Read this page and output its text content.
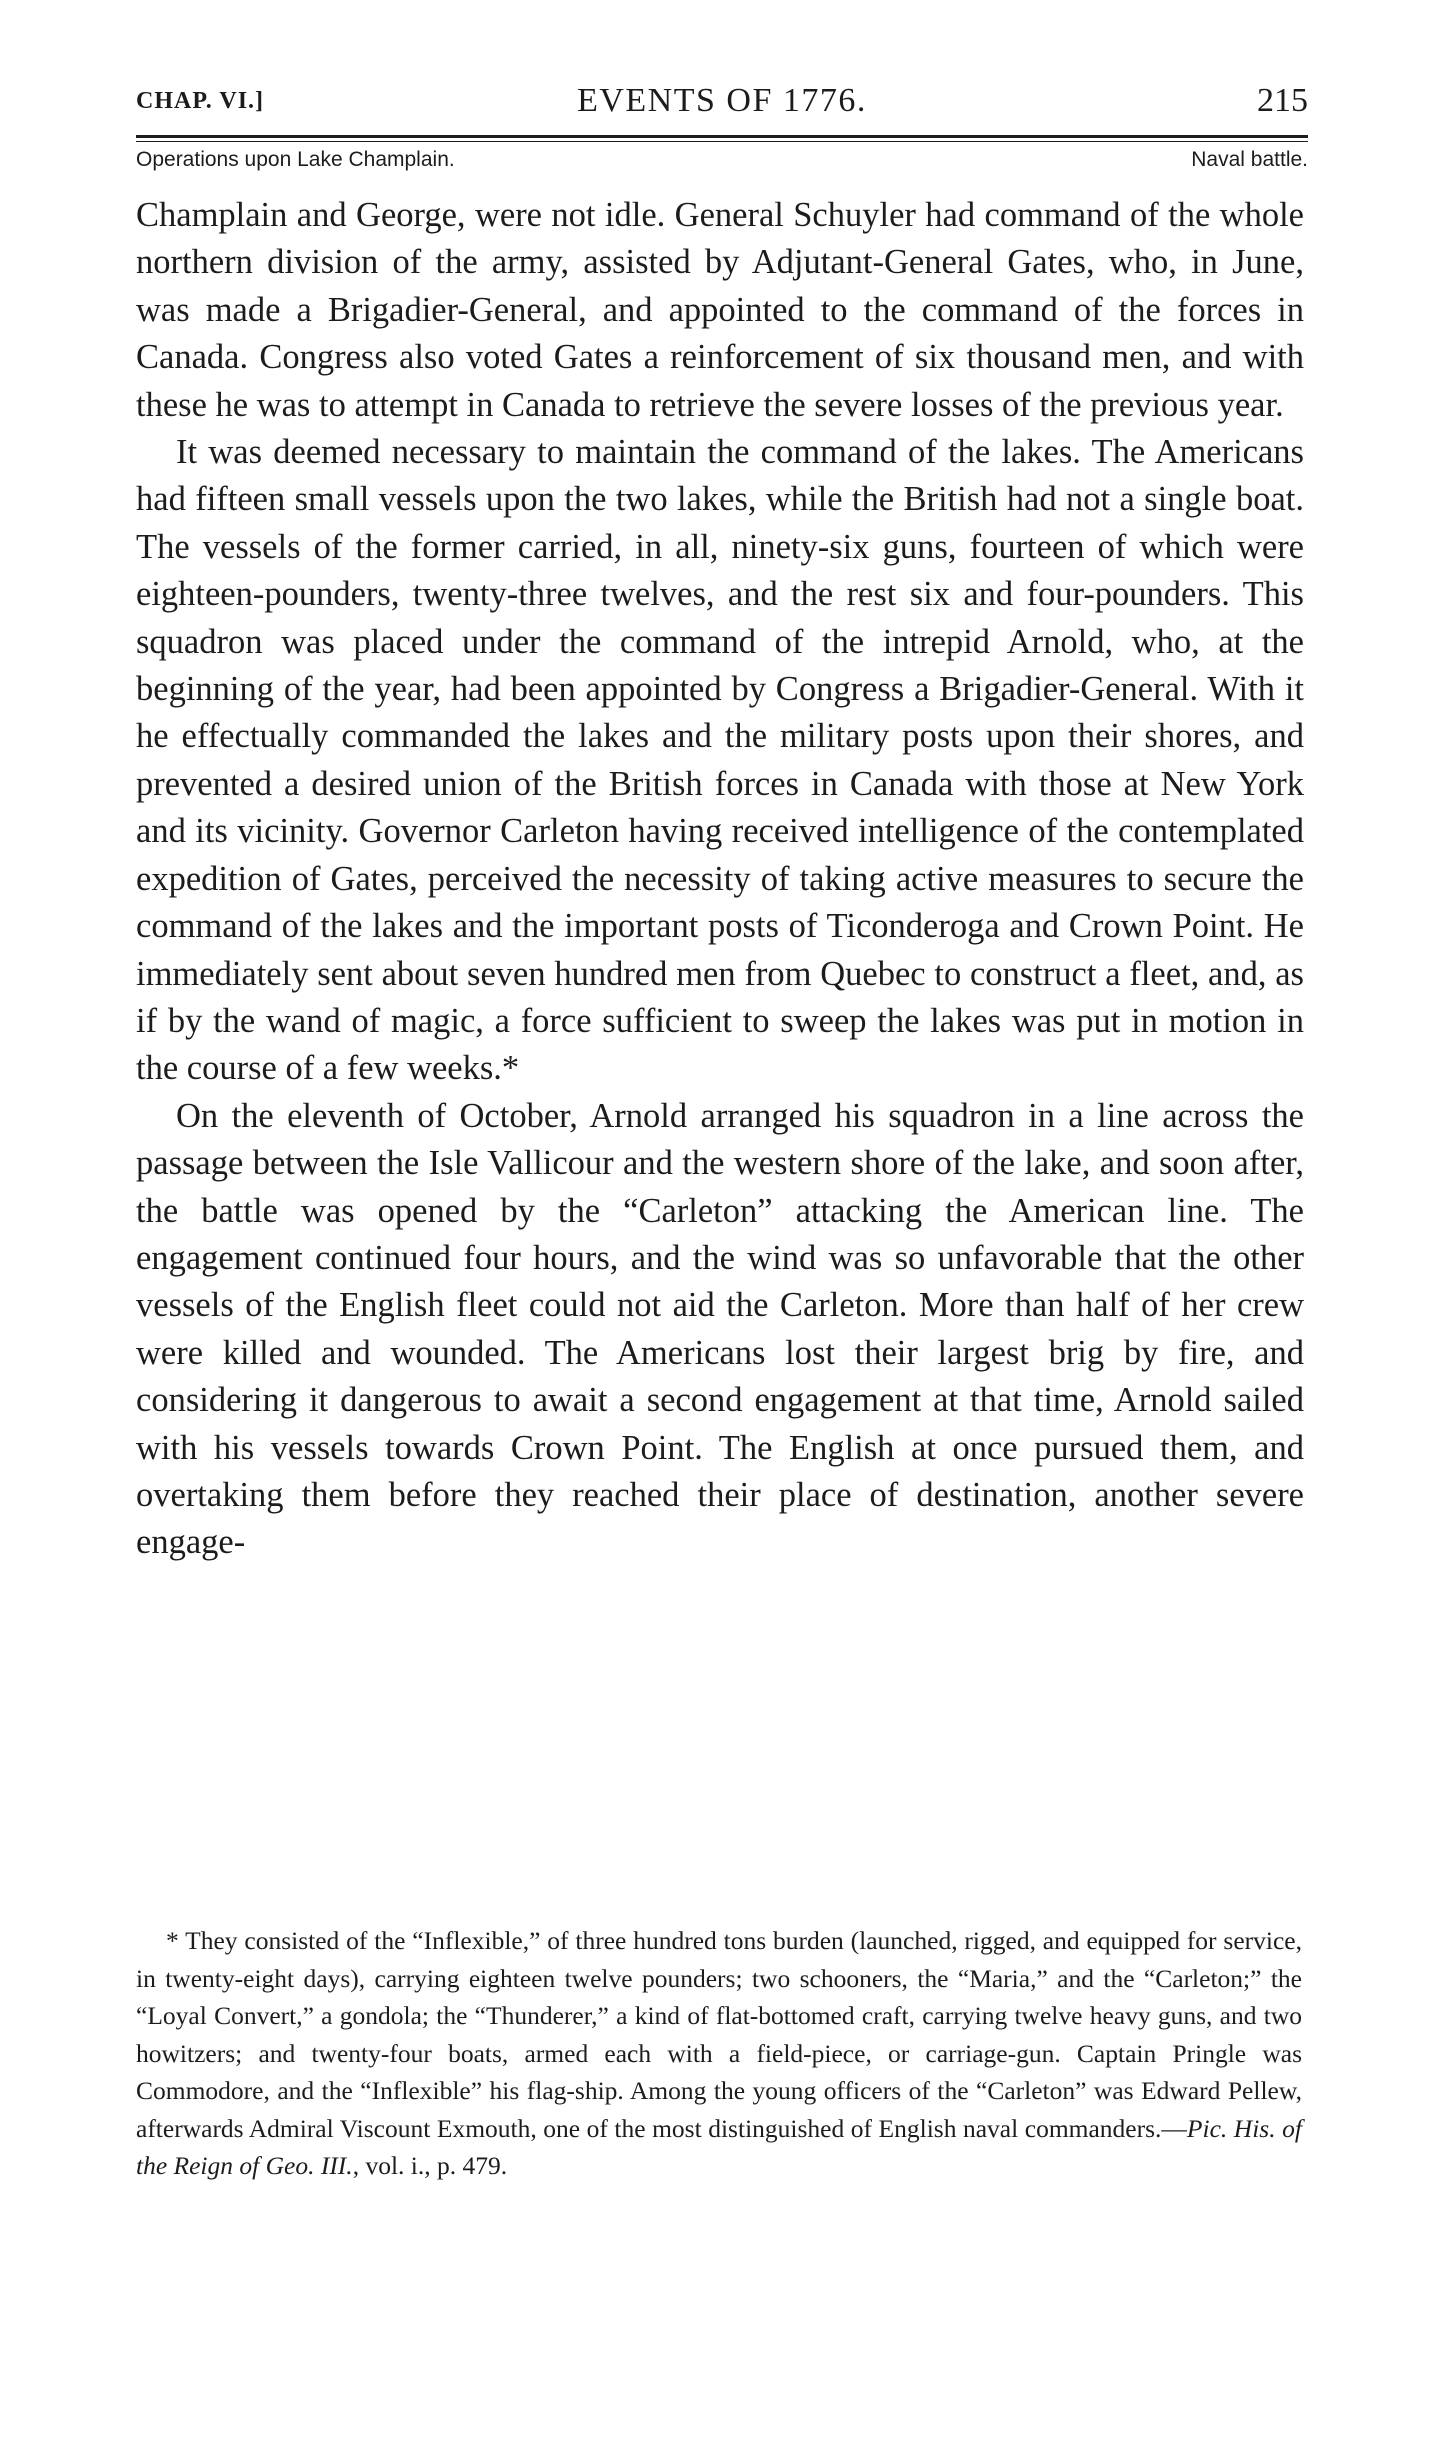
CHAP. VI.]	EVENTS OF 1776.	215
Operations upon Lake Champlain.	Naval battle.

Champlain and George, were not idle. General Schuyler had command of the whole northern division of the army, assisted by Adjutant-General Gates, who, in June, was made a Brigadier-General, and appointed to the command of the forces in Canada. Congress also voted Gates a reinforcement of six thousand men, and with these he was to attempt in Canada to retrieve the severe losses of the previous year.

It was deemed necessary to maintain the command of the lakes. The Americans had fifteen small vessels upon the two lakes, while the British had not a single boat. The vessels of the former carried, in all, ninety-six guns, fourteen of which were eighteen-pounders, twenty-three twelves, and the rest six and four-pounders. This squadron was placed under the command of the intrepid Arnold, who, at the beginning of the year, had been appointed by Congress a Brigadier-General. With it he effectually commanded the lakes and the military posts upon their shores, and prevented a desired union of the British forces in Canada with those at New York and its vicinity. Governor Carleton having received intelligence of the contemplated expedition of Gates, perceived the necessity of taking active measures to secure the command of the lakes and the important posts of Ticonderoga and Crown Point. He immediately sent about seven hundred men from Quebec to construct a fleet, and, as if by the wand of magic, a force sufficient to sweep the lakes was put in motion in the course of a few weeks.*

On the eleventh of October, Arnold arranged his squadron in a line across the passage between the Isle Vallicour and the western shore of the lake, and soon after, the battle was opened by the “Carleton” attacking the American line. The engagement continued four hours, and the wind was so unfavorable that the other vessels of the English fleet could not aid the Carleton. More than half of her crew were killed and wounded. The Americans lost their largest brig by fire, and considering it dangerous to await a second engagement at that time, Arnold sailed with his vessels towards Crown Point. The English at once pursued them, and overtaking them before they reached their place of destination, another severe engage-

* They consisted of the “Inflexible,” of three hundred tons burden (launched, rigged, and equipped for service, in twenty-eight days), carrying eighteen twelve pounders; two schooners, the “Maria,” and the “Carleton;” the “Loyal Convert,” a gondola; the “Thunderer,” a kind of flat-bottomed craft, carrying twelve heavy guns, and two howitzers; and twenty-four boats, armed each with a field-piece, or carriage-gun. Captain Pringle was Commodore, and the “Inflexible” his flag-ship. Among the young officers of the “Carleton” was Edward Pellew, afterwards Admiral Viscount Exmouth, one of the most distinguished of English naval commanders.—Pic. His. of the Reign of Geo. III., vol. i., p. 479.
